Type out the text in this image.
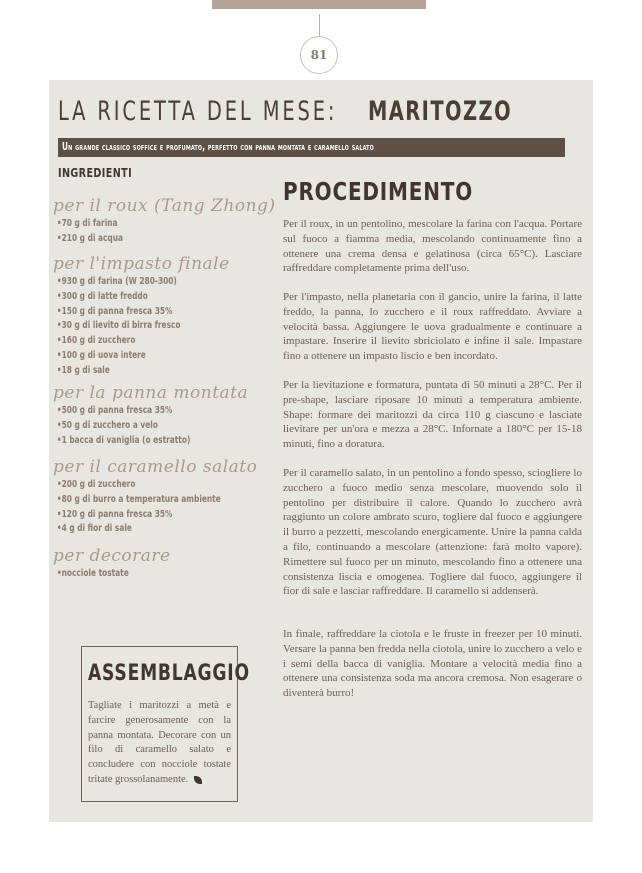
81
LA RICETTA DEL MESE: MARITOZZO
Un grande classico soffice e profumato, perfetto con panna montata e caramello salato
INGREDIENTI
per il roux (Tang Zhong)
•70 g di farina
•210 g di acqua
per l'impasto finale
•930 g di farina (W 280-300)
•300 g di latte freddo
•150 g di panna fresca 35%
•30 g di lievito di birra fresco
•160 g di zucchero
•100 g di uova intere
•18 g di sale
per la panna montata
•500 g di panna fresca 35%
•50 g di zucchero a velo
•1 bacca di vaniglia (o estratto)
per il caramello salato
•200 g di zucchero
•80 g di burro a temperatura ambiente
•120 g di panna fresca 35%
•4 g di fior di sale
per decorare
•nocciole tostate
PROCEDIMENTO

Per il roux, in un pentolino, mescolare la farina con l'acqua. Portare sul fuoco a fiamma media, mescolando continuamente fino a ottenere una crema densa e gelatinosa (circa 65°C). Lasciare raffreddare completamente prima dell'uso.

Per l'impasto, nella planetaria con il gancio, unire la farina, il latte freddo, la panna, lo zucchero e il roux raffreddato. Avviare a velocità bassa. Aggiungere le uova gradualmente e continuare a impastare. Inserire il lievito sbriciolato e infine il sale. Impastare fino a ottenere un impasto liscio e ben incordato.

Per la lievitazione e formatura, puntata di 50 minuti a 28°C. Per il pre-shape, lasciare riposare 10 minuti a temperatura ambiente. Shape: formare dei maritozzi da circa 110 g ciascuno e lasciate lievitare per un'ora e mezza a 28°C. Infornate a 180°C per 15-18 minuti, fino a doratura.

Per il caramello salato, in un pentolino a fondo spesso, sciogliere lo zucchero a fuoco medio senza mescolare, muovendo solo il pentolino per distribuire il calore. Quando lo zucchero avrà raggiunto un colore ambrato scuro, togliere dal fuoco e aggiungere il burro a pezzetti, mescolando energicamente. Unire la panna calda a filo, continuando a mescolare (attenzione: farà molto vapore). Rimettere sul fuoco per un minuto, mescolando fino a ottenere una consistenza liscia e omogenea. Togliere dal fuoco, aggiungere il fior di sale e lasciar raffreddare. Il caramello si addenserà.

In finale, raffreddare la ciotola e le fruste in freezer per 10 minuti. Versare la panna ben fredda nella ciotola, unire lo zucchero a velo e i semi della bacca di vaniglia. Montare a velocità media fino a ottenere una consistenza soda ma ancora cremosa. Non esagerare o diventerà burro!

ASSEMBLAGGIO
Tagliate i maritozzi a metà e farcire generosamente con la panna montata. Decorare con un filo di caramello salato e concludere con nocciole tostate tritate grossolanamente.
